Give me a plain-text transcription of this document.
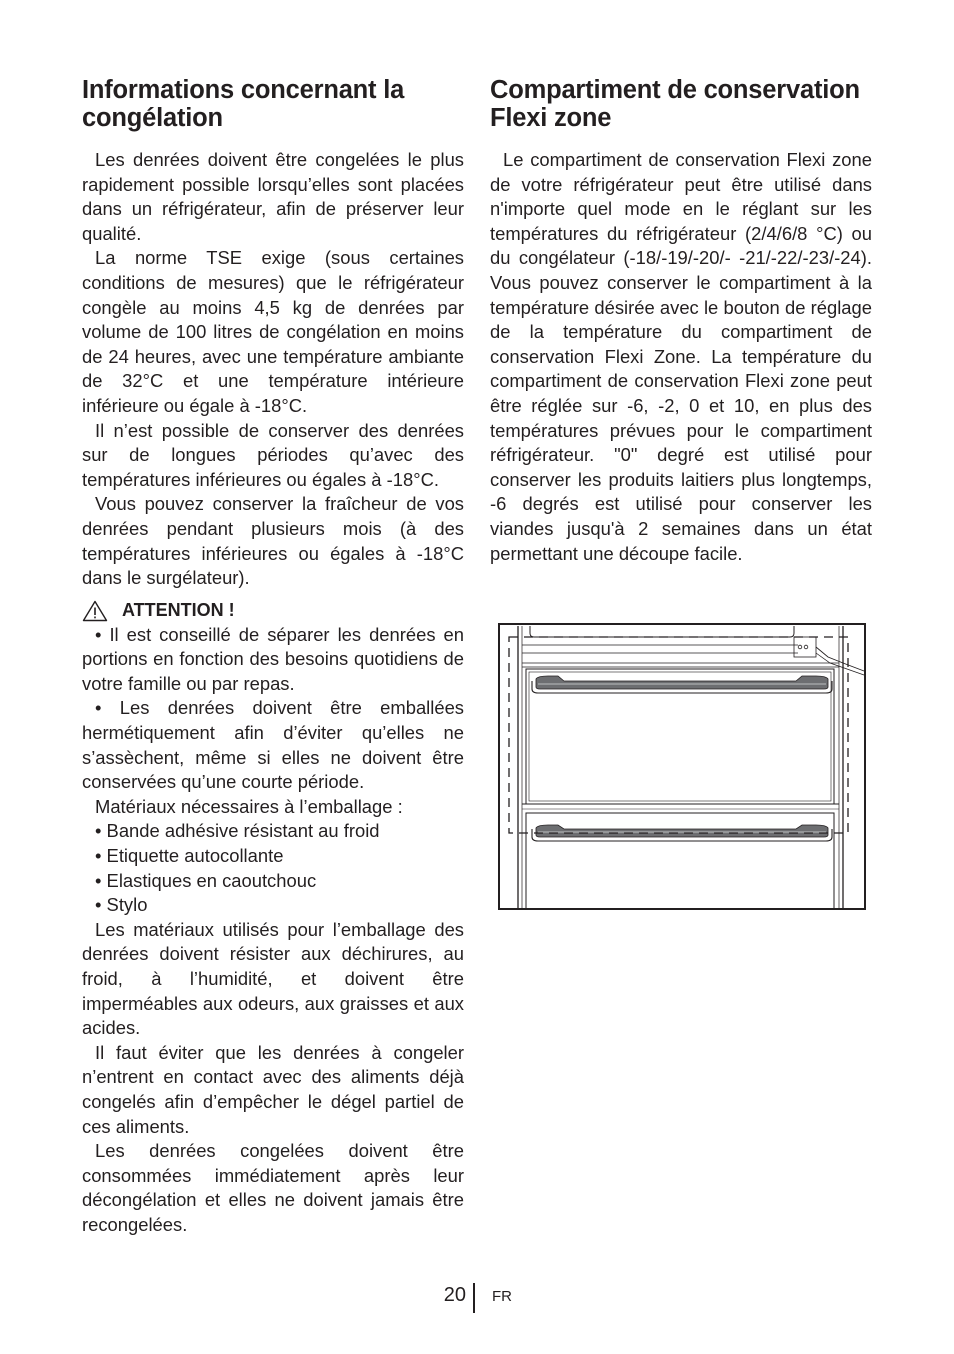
Informations concernant la congélation

Les denrées doivent être congelées le plus rapidement possible lorsqu’elles sont placées dans un réfrigérateur, afin de préserver leur qualité.

La norme TSE exige (sous certaines conditions de mesures) que le réfrigérateur congèle au moins 4,5 kg de denrées par volume de 100 litres de congélation en moins de 24 heures, avec une température ambiante de 32°C et une température intérieure inférieure ou égale à -18°C.

Il n’est possible de conserver des denrées sur de longues périodes qu’avec des températures inférieures ou égales à -18°C.

Vous pouvez conserver la fraîcheur de vos denrées pendant plusieurs mois (à des températures inférieures ou égales à -18°C dans le surgélateur).

ATTENTION !

• Il est conseillé de séparer les denrées en portions en fonction des besoins quotidiens de votre famille ou par repas.

• Les denrées doivent être emballées hermétiquement afin d’éviter qu’elles ne s’assèchent, même si elles ne doivent être conservées qu’une courte période.

Matériaux nécessaires à l’emballage :

• Bande adhésive résistant au froid

• Etiquette autocollante

• Elastiques en caoutchouc

• Stylo

Les matériaux utilisés pour l’emballage des denrées doivent résister aux déchirures, au froid, à l’humidité, et doivent être imperméables aux odeurs, aux graisses et aux acides.

Il faut éviter que les denrées à congeler n’entrent en contact avec des aliments déjà congelés afin d’empêcher le dégel partiel de ces aliments.

Les denrées congelées doivent être consommées immédiatement après leur décongélation et elles ne doivent jamais être recongelées.

Compartiment de conservation Flexi zone

Le compartiment de conservation Flexi zone de votre réfrigérateur peut être utilisé dans n'importe quel mode en le réglant sur les températures du réfrigérateur (2/4/6/8 °C) ou du congélateur (-18/-19/-20/- -21/-22/-23/-24). Vous pouvez conserver le compartiment à la température désirée avec le bouton de réglage de la température du compartiment de conservation Flexi Zone. La température du compartiment de conservation Flexi zone peut être réglée sur -6, -2, 0 et 10, en plus des températures prévues pour le compartiment réfrigérateur. "0" degré est utilisé pour conserver les produits laitiers plus longtemps, -6 degrés est utilisé pour conserver les viandes jusqu'à 2 semaines dans un état permettant une découpe facile.

20 FR
